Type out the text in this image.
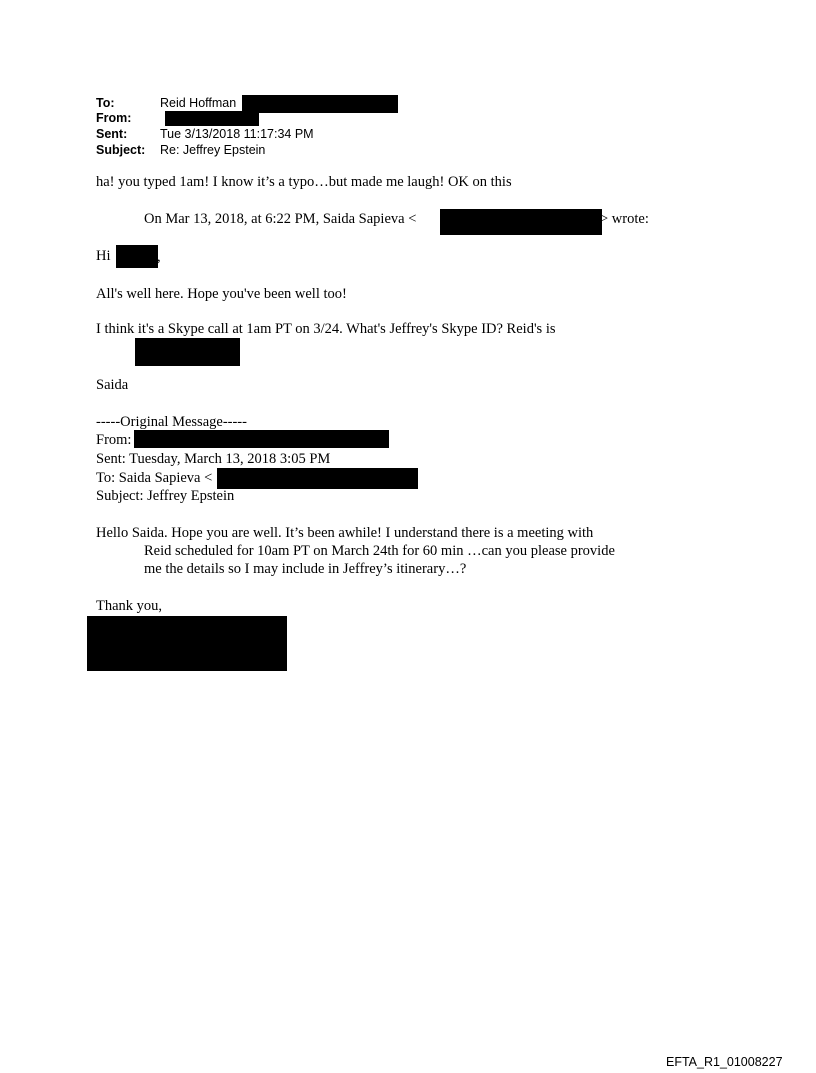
To:	Reid Hoffman
From:
Sent:	Tue 3/13/2018 11:17:34 PM
Subject: Re: Jeffrey Epstein
ha! you typed 1am! I know it’s a typo…but made me laugh! OK on this
On Mar 13, 2018, at 6:22 PM, Saida Sapieva <	> wrote:
Hi	,
All's well here. Hope you've been well too!
I think it's a Skype call at 1am PT on 3/24. What's Jeffrey's Skype ID? Reid's is
Saida
-----Original Message-----
From:
Sent: Tuesday, March 13, 2018 3:05 PM
To: Saida Sapieva <
Subject: Jeffrey Epstein
Hello Saida. Hope you are well. It’s been awhile! I understand there is a meeting with
Reid scheduled for 10am PT on March 24th for 60 min …can you please provide
me the details so I may include in Jeffrey’s itinerary…?
Thank you,
EFTA_R1_01008227
